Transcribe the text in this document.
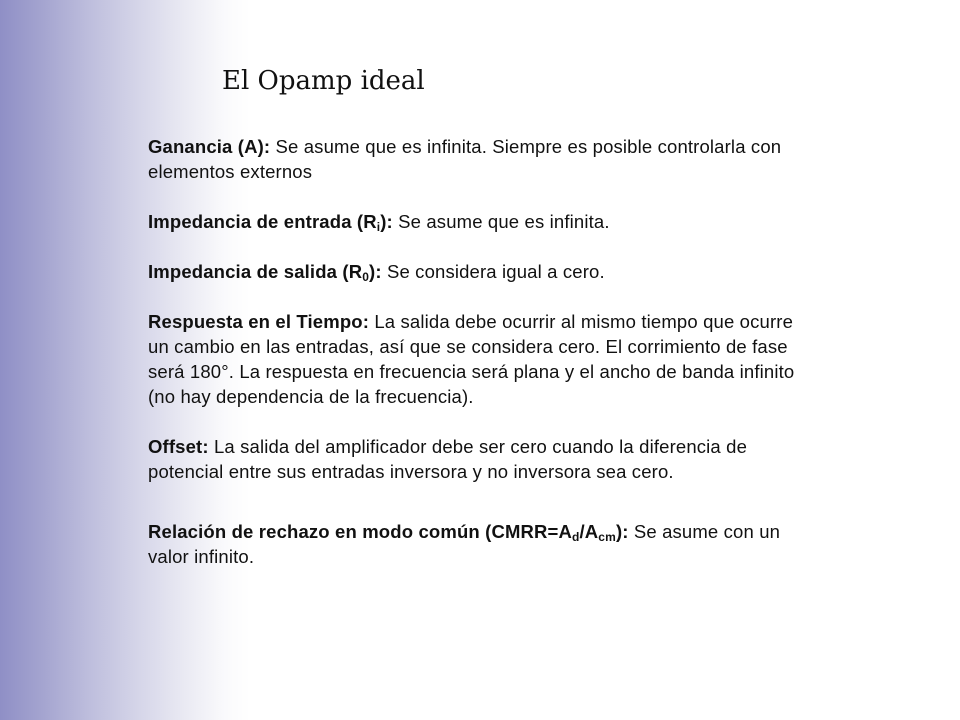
El Opamp ideal

Ganancia (A): Se asume que es infinita. Siempre es posible controlarla con elementos externos

Impedancia de entrada $(R_i)$: Se asume que es infinita.

Impedancia de salida $(R_0)$: Se considera igual a cero.

Respuesta en el Tiempo: La salida debe ocurrir al mismo tiempo que ocurre un cambio en las entradas, así que se considera cero. El corrimiento de fase será 180°. La respuesta en frecuencia será plana y el ancho de banda infinito (no hay dependencia de la frecuencia).

Offset: La salida del amplificador debe ser cero cuando la diferencia de potencial entre sus entradas inversora y no inversora sea cero.

Relación de rechazo en modo común $(CMRR=A_d/A_{cm})$: Se asume con un valor infinito.
